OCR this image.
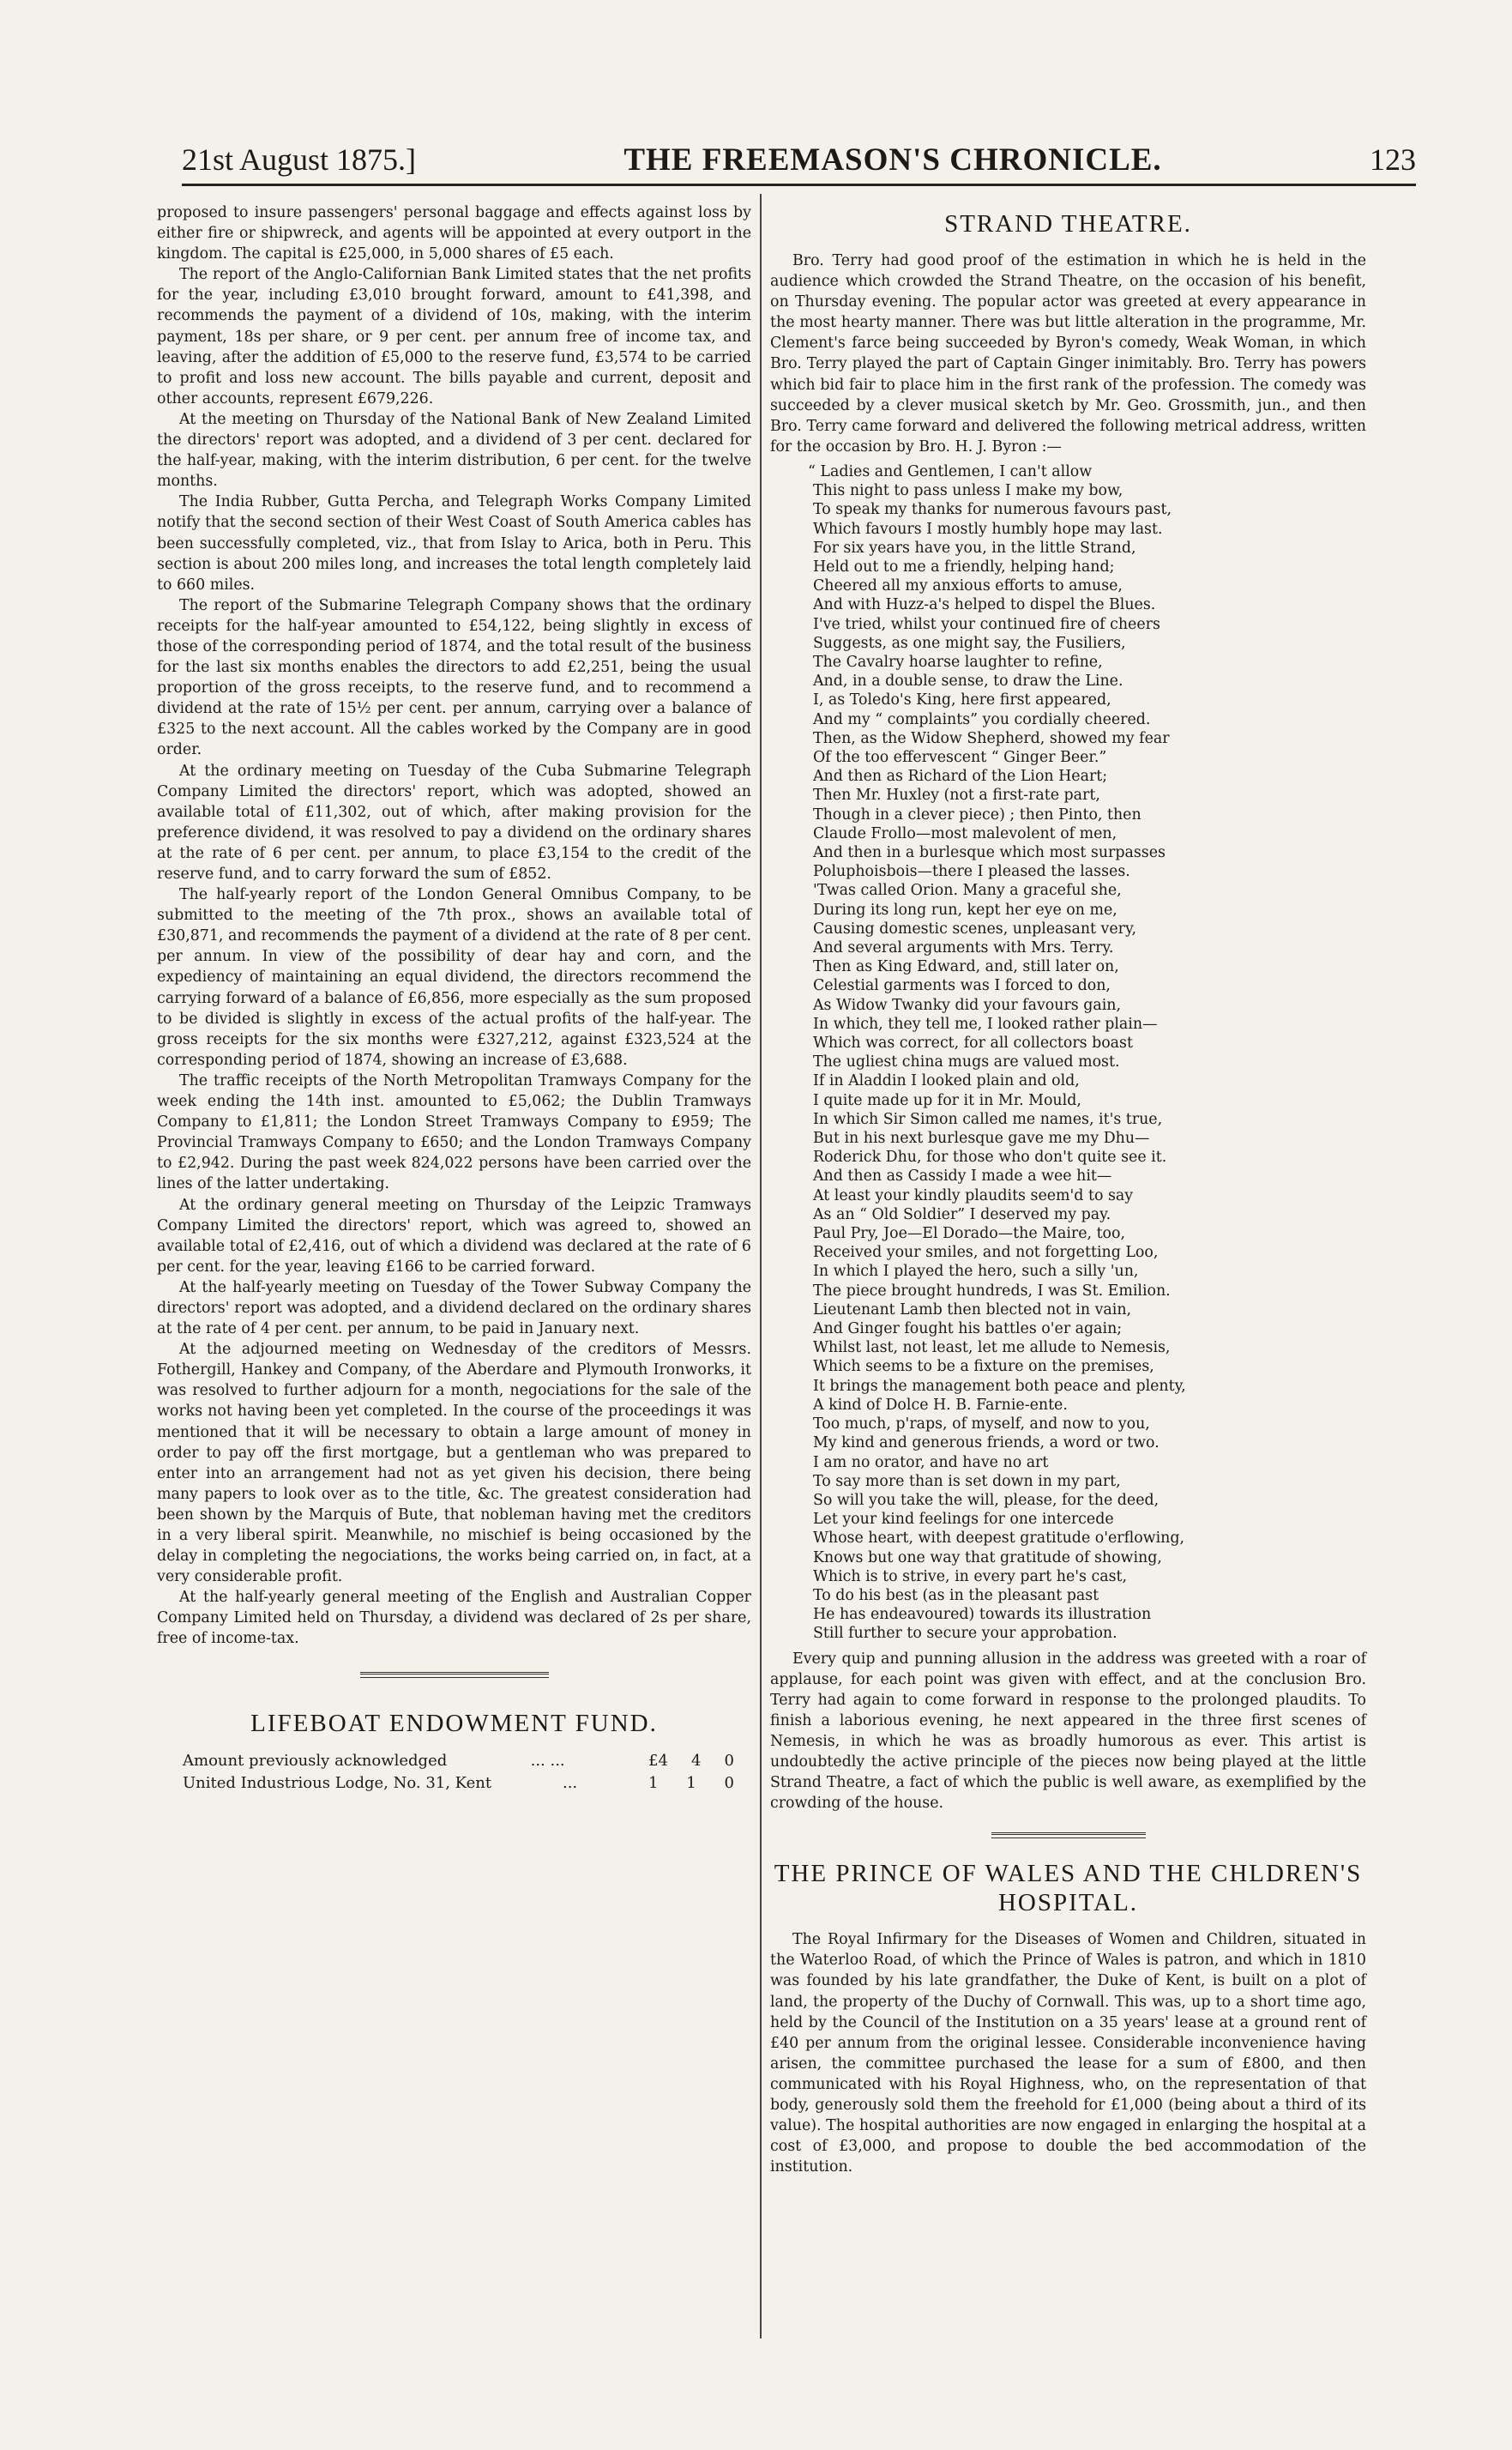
21st August 1875.]	THE FREEMASON'S CHRONICLE.	123

proposed to insure passengers' personal baggage and effects against loss by either fire or shipwreck, and agents will be appointed at every outport in the kingdom. The capital is £25,000, in 5,000 shares of £5 each.

The report of the Anglo-Californian Bank Limited states that the net profits for the year, including £3,010 brought forward, amount to £41,398, and recommends the payment of a dividend of 10s, making, with the interim payment, 18s per share, or 9 per cent. per annum free of income tax, and leaving, after the addition of £5,000 to the reserve fund, £3,574 to be carried to profit and loss new account. The bills payable and current, deposit and other accounts, represent £679,226.

At the meeting on Thursday of the National Bank of New Zealand Limited the directors' report was adopted, and a dividend of 3 per cent. declared for the half-year, making, with the interim distribution, 6 per cent. for the twelve months.

The India Rubber, Gutta Percha, and Telegraph Works Company Limited notify that the second section of their West Coast of South America cables has been successfully completed, viz., that from Islay to Arica, both in Peru. This section is about 200 miles long, and increases the total length completely laid to 660 miles.

The report of the Submarine Telegraph Company shows that the ordinary receipts for the half-year amounted to £54,122, being slightly in excess of those of the corresponding period of 1874, and the total result of the business for the last six months enables the directors to add £2,251, being the usual proportion of the gross receipts, to the reserve fund, and to recommend a dividend at the rate of 15½ per cent. per annum, carrying over a balance of £325 to the next account. All the cables worked by the Company are in good order.

At the ordinary meeting on Tuesday of the Cuba Submarine Telegraph Company Limited the directors' report, which was adopted, showed an available total of £11,302, out of which, after making provision for the preference dividend, it was resolved to pay a dividend on the ordinary shares at the rate of 6 per cent. per annum, to place £3,154 to the credit of the reserve fund, and to carry forward the sum of £852.

The half-yearly report of the London General Omnibus Company, to be submitted to the meeting of the 7th prox., shows an available total of £30,871, and recommends the payment of a dividend at the rate of 8 per cent. per annum. In view of the possibility of dear hay and corn, and the expediency of maintaining an equal dividend, the directors recommend the carrying forward of a balance of £6,856, more especially as the sum proposed to be divided is slightly in excess of the actual profits of the half-year. The gross receipts for the six months were £327,212, against £323,524 at the corresponding period of 1874, showing an increase of £3,688.

The traffic receipts of the North Metropolitan Tramways Company for the week ending the 14th inst. amounted to £5,062; the Dublin Tramways Company to £1,811; the London Street Tramways Company to £959; The Provincial Tramways Company to £650; and the London Tramways Company to £2,942. During the past week 824,022 persons have been carried over the lines of the latter undertaking.

At the ordinary general meeting on Thursday of the Leipzic Tramways Company Limited the directors' report, which was agreed to, showed an available total of £2,416, out of which a dividend was declared at the rate of 6 per cent. for the year, leaving £166 to be carried forward.

At the half-yearly meeting on Tuesday of the Tower Subway Company the directors' report was adopted, and a dividend declared on the ordinary shares at the rate of 4 per cent. per annum, to be paid in January next.

At the adjourned meeting on Wednesday of the creditors of Messrs. Fothergill, Hankey and Company, of the Aberdare and Plymouth Ironworks, it was resolved to further adjourn for a month, negociations for the sale of the works not having been yet completed. In the course of the proceedings it was mentioned that it will be necessary to obtain a large amount of money in order to pay off the first mortgage, but a gentleman who was prepared to enter into an arrangement had not as yet given his decision, there being many papers to look over as to the title, &c. The greatest consideration had been shown by the Marquis of Bute, that nobleman having met the creditors in a very liberal spirit. Meanwhile, no mischief is being occasioned by the delay in completing the negociations, the works being carried on, in fact, at a very considerable profit.

At the half-yearly general meeting of the English and Australian Copper Company Limited held on Thursday, a dividend was declared of 2s per share, free of income-tax.

LIFEBOAT ENDOWMENT FUND.
Amount previously acknowledged	... ...	£4 4 0
United Industrious Lodge, No. 31, Kent	...	1 1 0
STRAND THEATRE.

Bro. Terry had good proof of the estimation in which he is held in the audience which crowded the Strand Theatre, on the occasion of his benefit, on Thursday evening. The popular actor was greeted at every appearance in the most hearty manner. There was but little alteration in the programme, Mr. Clement's farce being succeeded by Byron's comedy, Weak Woman, in which Bro. Terry played the part of Captain Ginger inimitably. Bro. Terry has powers which bid fair to place him in the first rank of the profession. The comedy was succeeded by a clever musical sketch by Mr. Geo. Grossmith, jun., and then Bro. Terry came forward and delivered the following metrical address, written for the occasion by Bro. H. J. Byron :—

“ Ladies and Gentlemen, I can't allow
This night to pass unless I make my bow,
To speak my thanks for numerous favours past,
Which favours I mostly humbly hope may last.
For six years have you, in the little Strand,
Held out to me a friendly, helping hand;
Cheered all my anxious efforts to amuse,
And with Huzz-a's helped to dispel the Blues.
I've tried, whilst your continued fire of cheers
Suggests, as one might say, the Fusiliers,
The Cavalry hoarse laughter to refine,
And, in a double sense, to draw the Line.
I, as Toledo's King, here first appeared,
And my “ complaints” you cordially cheered.
Then, as the Widow Shepherd, showed my fear
Of the too effervescent “ Ginger Beer.”
And then as Richard of the Lion Heart;
Then Mr. Huxley (not a first-rate part,
Though in a clever piece) ; then Pinto, then
Claude Frollo—most malevolent of men,
And then in a burlesque which most surpasses
Poluphoisbois—there I pleased the lasses.
'Twas called Orion. Many a graceful she,
During its long run, kept her eye on me,
Causing domestic scenes, unpleasant very,
And several arguments with Mrs. Terry.
Then as King Edward, and, still later on,
Celestial garments was I forced to don,
As Widow Twanky did your favours gain,
In which, they tell me, I looked rather plain—
Which was correct, for all collectors boast
The ugliest china mugs are valued most.
If in Aladdin I looked plain and old,
I quite made up for it in Mr. Mould,
In which Sir Simon called me names, it's true,
But in his next burlesque gave me my Dhu—
Roderick Dhu, for those who don't quite see it.
And then as Cassidy I made a wee hit—
At least your kindly plaudits seem'd to say
As an “ Old Soldier” I deserved my pay.
Paul Pry, Joe—El Dorado—the Maire, too,
Received your smiles, and not forgetting Loo,
In which I played the hero, such a silly 'un,
The piece brought hundreds, I was St. Emilion.
Lieutenant Lamb then blected not in vain,
And Ginger fought his battles o'er again;
Whilst last, not least, let me allude to Nemesis,
Which seems to be a fixture on the premises,
It brings the management both peace and plenty,
A kind of Dolce H. B. Farnie-ente.
Too much, p'raps, of myself, and now to you,
My kind and generous friends, a word or two.
I am no orator, and have no art
To say more than is set down in my part,
So will you take the will, please, for the deed,
Let your kind feelings for one intercede
Whose heart, with deepest gratitude o'erflowing,
Knows but one way that gratitude of showing,
Which is to strive, in every part he's cast,
To do his best (as in the pleasant past
He has endeavoured) towards its illustration
Still further to secure your approbation.

Every quip and punning allusion in the address was greeted with a roar of applause, for each point was given with effect, and at the conclusion Bro. Terry had again to come forward in response to the prolonged plaudits. To finish a laborious evening, he next appeared in the three first scenes of Nemesis, in which he was as broadly humorous as ever. This artist is undoubtedly the active principle of the pieces now being played at the little Strand Theatre, a fact of which the public is well aware, as exemplified by the crowding of the house.

THE PRINCE OF WALES AND THE CHLDREN'S HOSPITAL.

The Royal Infirmary for the Diseases of Women and Children, situated in the Waterloo Road, of which the Prince of Wales is patron, and which in 1810 was founded by his late grandfather, the Duke of Kent, is built on a plot of land, the property of the Duchy of Cornwall. This was, up to a short time ago, held by the Council of the Institution on a 35 years' lease at a ground rent of £40 per annum from the original lessee. Considerable inconvenience having arisen, the committee purchased the lease for a sum of £800, and then communicated with his Royal Highness, who, on the representation of that body, generously sold them the freehold for £1,000 (being about a third of its value). The hospital authorities are now engaged in enlarging the hospital at a cost of £3,000, and propose to double the bed accommodation of the institution.
